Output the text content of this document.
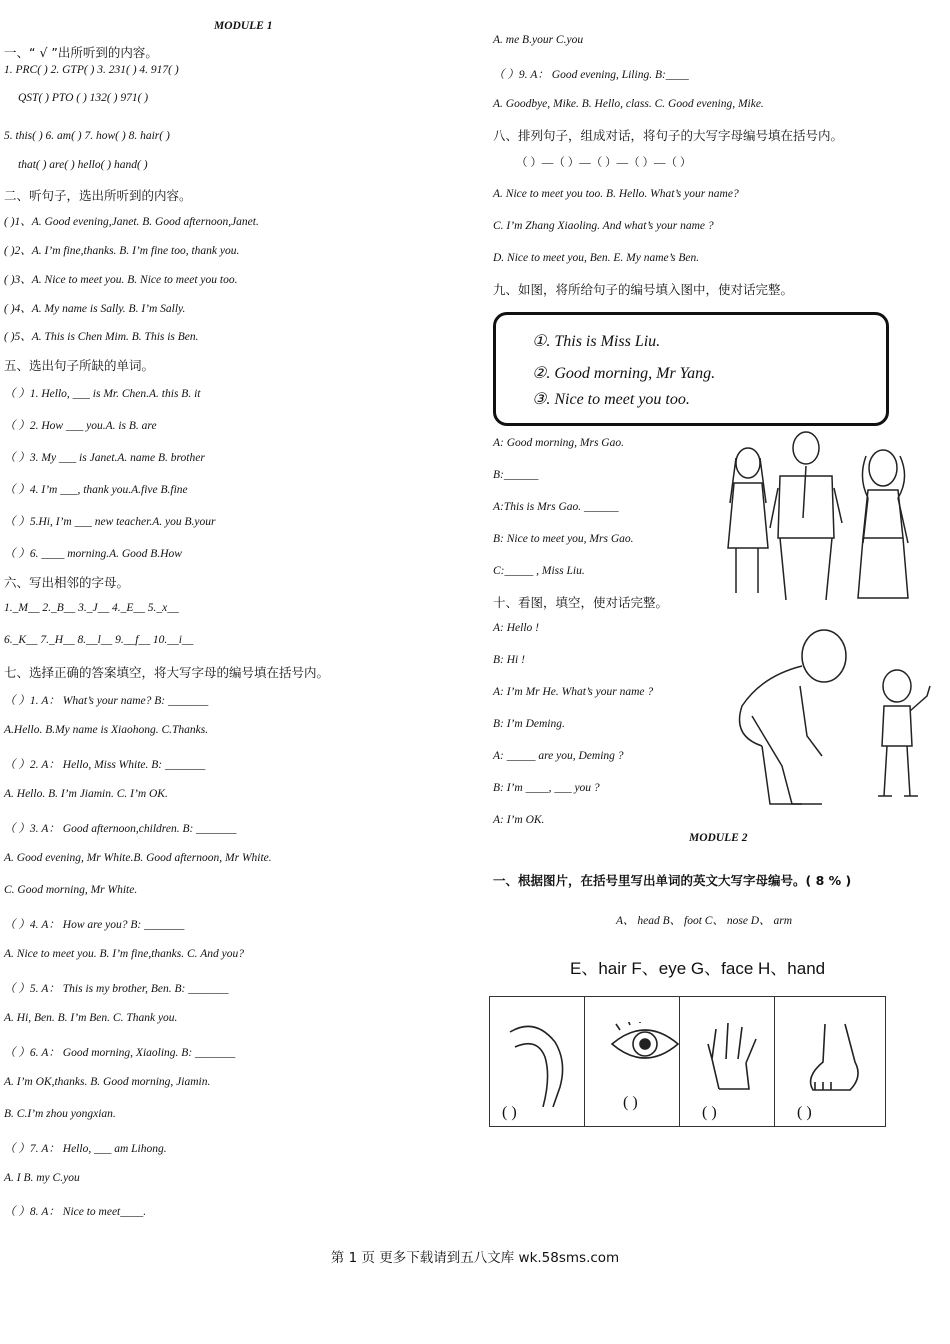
MODULE 1
一、“ √ ”出所听到的内容。
1. PRC( ) 2. GTP( ) 3. 231( ) 4. 917( )
QST( ) PTO ( ) 132( ) 971( )
5. this( ) 6. am( ) 7. how( ) 8. hair( )
that( ) are( ) hello( ) hand( )
二、听句子，选出所听到的内容。
( )1、A. Good evening,Janet. B. Good afternoon,Janet.
( )2、A. I’m fine,thanks. B. I’m fine too, thank you.
( )3、A. Nice to meet you. B. Nice to meet you too.
( )4、A. My name is Sally. B. I’m Sally.
( )5、A. This is Chen Mim. B. This is Ben.
五、选出句子所缺的单词。
（ ）1. Hello, ___ is Mr. Chen.A. this B. it
（ ）2. How ___ you.A. is B. are
（ ）3. My ___ is Janet.A. name B. brother
（ ）4. I’m ___, thank you.A.five B.fine
（ ）5.Hi, I’m ___ new teacher.A. you B.your
（ ）6. ____ morning.A. Good B.How
六、写出相邻的字母。
1._M__ 2._B__ 3._J__ 4._E__ 5._x__
6._K__ 7._H__ 8.__l__ 9.__f__ 10.__i__
七、选择正确的答案填空，将大写字母的编号填在括号内。
（ ）1. A： What’s your name? B: _______
A.Hello. B.My name is Xiaohong. C.Thanks.
（ ）2. A： Hello, Miss White. B: _______
A. Hello. B. I’m Jiamin. C. I’m OK.
（ ）3. A： Good afternoon,children. B: _______
A. Good evening, Mr White.B. Good afternoon, Mr White.
C. Good morning, Mr White.
（ ）4. A： How are you? B: _______
A. Nice to meet you. B. I’m fine,thanks. C. And you?
（ ）5. A： This is my brother, Ben. B: _______
A. Hi, Ben. B. I’m Ben. C. Thank you.
（ ）6. A： Good morning, Xiaoling. B: _______
A. I’m OK,thanks. B. Good morning, Jiamin.
B. C.I’m zhou yongxian.
（ ）7. A： Hello, ___ am Lihong.
A. I B. my C.you
（ ）8. A： Nice to meet____.
A. me B.your C.you
（ ）9. A： Good evening, Liling. B:____
A. Goodbye, Mike. B. Hello, class. C. Good evening, Mike.
八、排列句子，组成对话，将句子的大写字母编号填在括号内。
（ ）—（ ）—（ ）—（ ）—（ ）
A. Nice to meet you too. B. Hello. What’s your name?
C. I’m Zhang Xiaoling. And what’s your name ?
D. Nice to meet you, Ben. E. My name’s Ben.
九、如图，将所给句子的编号填入图中，使对话完整。
①. This is Miss Liu.
②. Good morning, Mr Yang.
③. Nice to meet you too.
A: Good morning, Mrs Gao.
B:______
A:This is Mrs Gao. ______
B: Nice to meet you, Mrs Gao.
C:_____ , Miss Liu.
十、看图，填空，使对话完整。
A: Hello !
B: Hi !
A: I’m Mr He. What’s your name ?
B: I’m Deming.
A: _____ are you, Deming ?
B: I’m ____, ___ you ?
A: I’m OK.
MODULE 2
一、根据图片，在括号里写出单词的英文大写字母编号。( 8 % )
A、 head B、 foot C、 nose D、 arm
E、hair F、eye G、face H、hand
( )
( )
( )	( )
第 1 页 更多下载请到五八文库 wk.58sms.com
